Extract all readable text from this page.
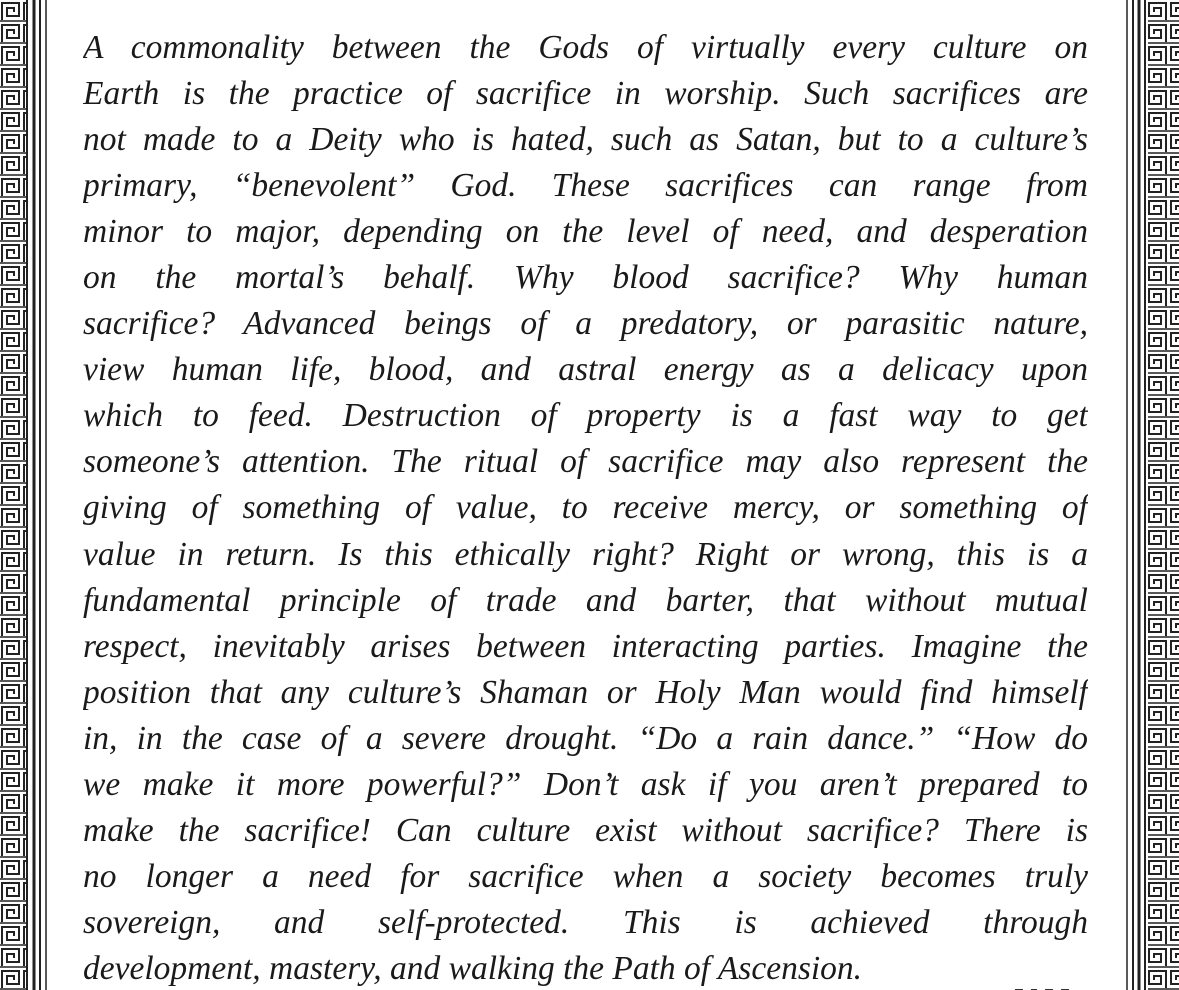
A commonality between the Gods of virtually every culture on
Earth is the practice of sacrifice in worship. Such sacrifices are
not made to a Deity who is hated, such as Satan, but to a culture’s
primary, “benevolent” God. These sacrifices can range from
minor to major, depending on the level of need, and desperation
on the mortal’s behalf. Why blood sacrifice? Why human
sacrifice? Advanced beings of a predatory, or parasitic nature,
view human life, blood, and astral energy as a delicacy upon
which to feed. Destruction of property is a fast way to get
someone’s attention. The ritual of sacrifice may also represent the
giving of something of value, to receive mercy, or something of
value in return. Is this ethically right? Right or wrong, this is a
fundamental principle of trade and barter, that without mutual
respect, inevitably arises between interacting parties. Imagine the
position that any culture’s Shaman or Holy Man would find himself
in, in the case of a severe drought. “Do a rain dance.” “How do
we make it more powerful?” Don’t ask if you aren’t prepared to
make the sacrifice! Can culture exist without sacrifice? There is
no longer a need for sacrifice when a society becomes truly
sovereign, and self-protected. This is achieved through
development, mastery, and walking the Path of Ascension.
